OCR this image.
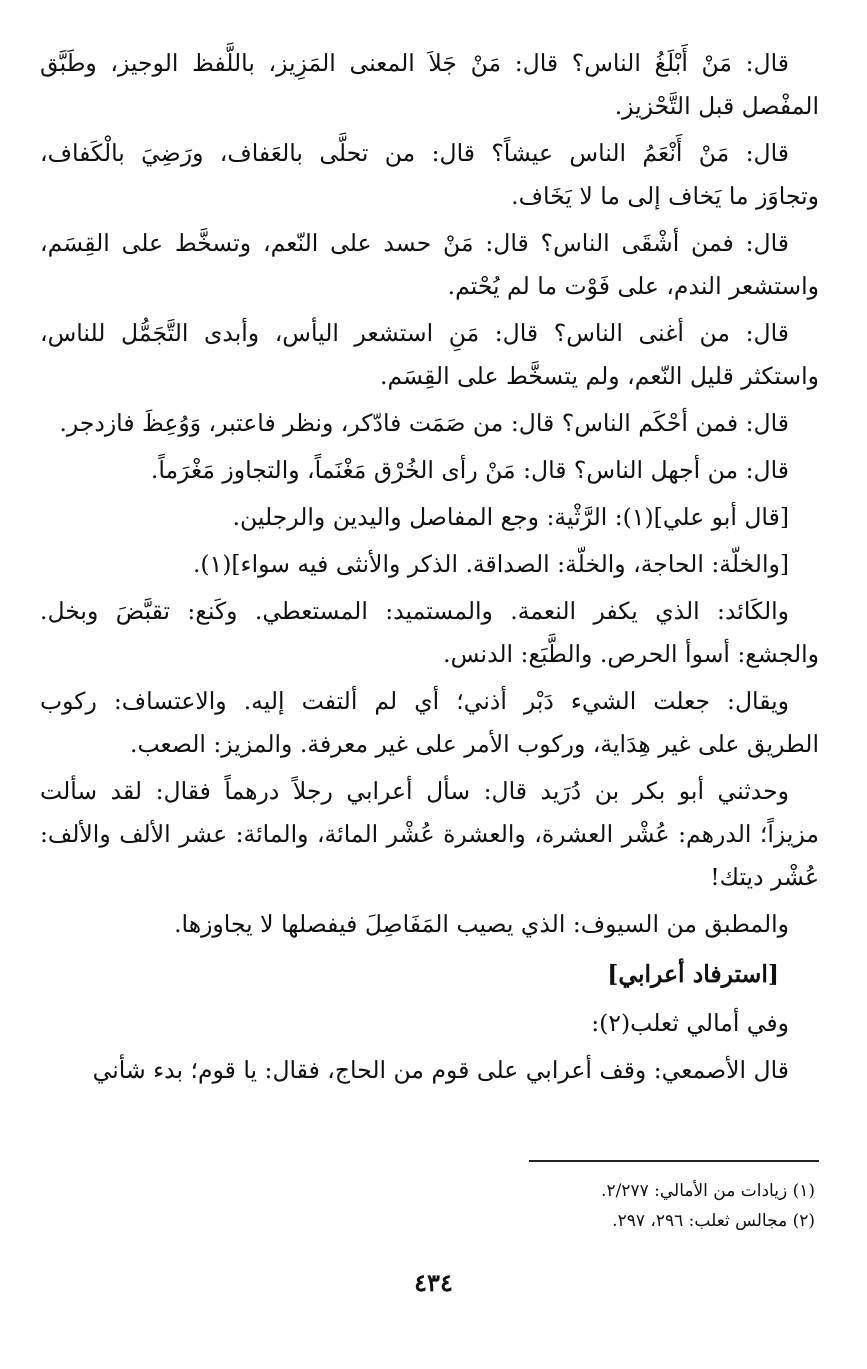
قال: مَنْ أَبْلَغُ الناس؟ قال: مَنْ جَلاَ المعنى المَزِيز، باللَّفظ الوجيز، وطَبَّق
المفْصل قبل التَّحْزيز.
قال: مَنْ أَنْعَمُ الناس عيشاً؟ قال: من تحلَّى بالعَفاف، ورَضِيَ بالْكَفاف،
وتجاوَز ما يَخاف إلى ما لا يَخَاف.
قال: فمن أشْقَى الناس؟ قال: مَنْ حسد على النّعم، وتسخَّط على القِسَم،
واستشعر الندم، على فَوْت ما لم يُحْتم.
قال: من أغنى الناس؟ قال: مَنِ استشعر اليأس، وأبدى التَّجَمُّل للناس،
واستكثر قليل النّعم، ولم يتسخَّط على القِسَم.
قال: فمن أحْكَم الناس؟ قال: من صَمَت فادّكر، ونظر فاعتبر، وَوُعِظَ فازدجر.
قال: من أجهل الناس؟ قال: مَنْ رأى الخُرْق مَغْنَماً، والتجاوز مَغْرَماً.
[قال أبو علي](١): الرَّثْية: وجع المفاصل واليدين والرجلين.
[والخلّة: الحاجة، والخلّة: الصداقة. الذكر والأنثى فيه سواء](١).
والكَائد: الذي يكفر النعمة. والمستميد: المستعطي. وكَنع: تقبَّضَ وبخل.
والجشع: أسوأ الحرص. والطَّبَع: الدنس.
ويقال: جعلت الشيء دَبْر أذني؛ أي لم ألتفت إليه. والاعتساف: ركوب
الطريق على غير هِدَاية، وركوب الأمر على غير معرفة. والمزيز: الصعب.
وحدثني أبو بكر بن دُرَيد قال: سأل أعرابي رجلاً درهماً فقال: لقد سألت
مزيزاً؛ الدرهم: عُشْر العشرة، والعشرة عُشْر المائة، والمائة: عشر الألف والألف:
عُشْر ديتك!
والمطبق من السيوف: الذي يصيب المَفَاصِلَ فيفصلها لا يجاوزها.
[استرفاد أعرابي]
وفي أمالي ثعلب(٢):
قال الأصمعي: وقف أعرابي على قوم من الحاج، فقال: يا قوم؛ بدء شأني
(١) زيادات من الأمالي: ٢/٢٧٧.
(٢) مجالس ثعلب: ٢٩٦، ٢٩٧.
٤٣٤
